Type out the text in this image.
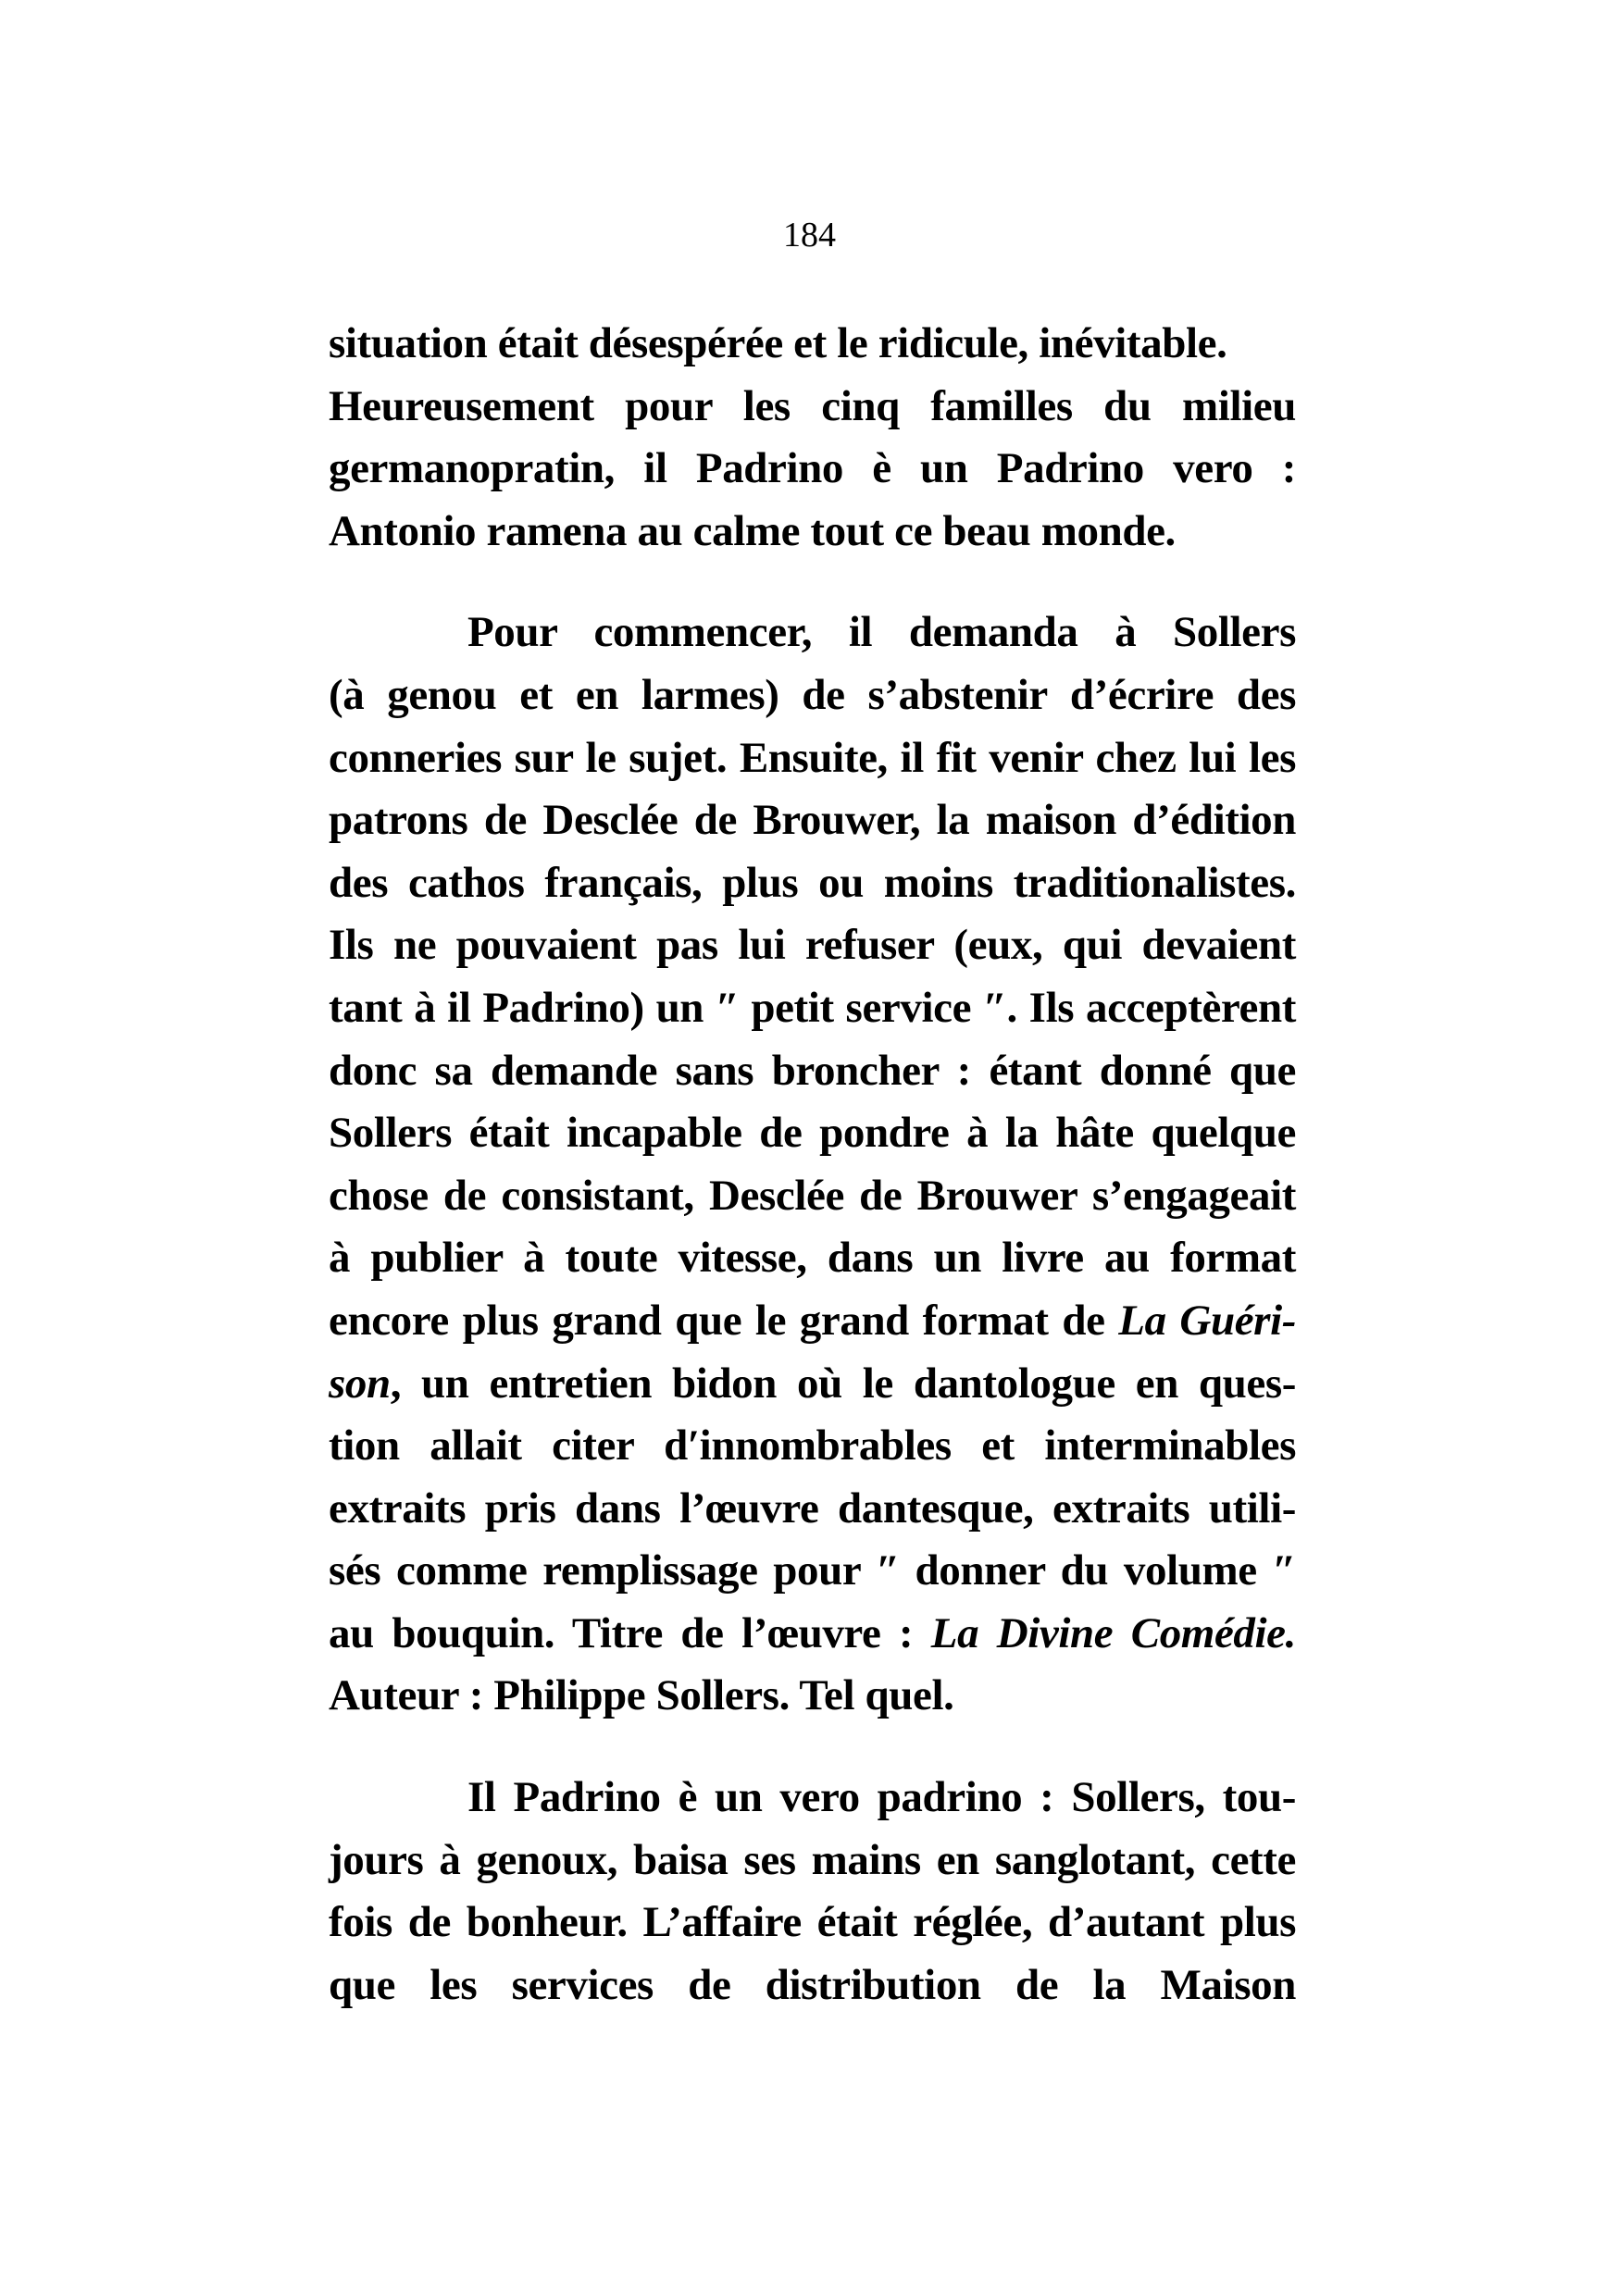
184
situation était désespérée et le ridicule, inévitable.
Heureusement pour les cinq familles du milieu
germanopratin, il Padrino è un Padrino vero :
Antonio ramena au calme tout ce beau monde.
Pour commencer, il demanda à Sollers
(à genou et en larmes) de s’abstenir d’écrire des
conneries sur le sujet. Ensuite, il fit venir chez lui les
patrons de Desclée de Brouwer, la maison d’édition
des cathos français, plus ou moins traditionalistes.
Ils ne pouvaient pas lui refuser (eux, qui devaient
tant à il Padrino) un ″ petit service ″. Ils acceptèrent
donc sa demande sans broncher : étant donné que
Sollers était incapable de pondre à la hâte quelque
chose de consistant, Desclée de Brouwer s’engageait
à publier à toute vitesse, dans un livre au format
encore plus grand que le grand format de La Guéri-
son, un entretien bidon où le dantologue en ques-
tion allait citer d′innombrables et interminables
extraits pris dans l’œuvre dantesque, extraits utili-
sés comme remplissage pour ″ donner du volume ″
au bouquin. Titre de l’œuvre : La Divine Comédie.
Auteur : Philippe Sollers. Tel quel.
Il Padrino è un vero padrino : Sollers, tou-
jours à genoux, baisa ses mains en sanglotant, cette
fois de bonheur. L’affaire était réglée, d’autant plus
que les services de distribution de la Maison
